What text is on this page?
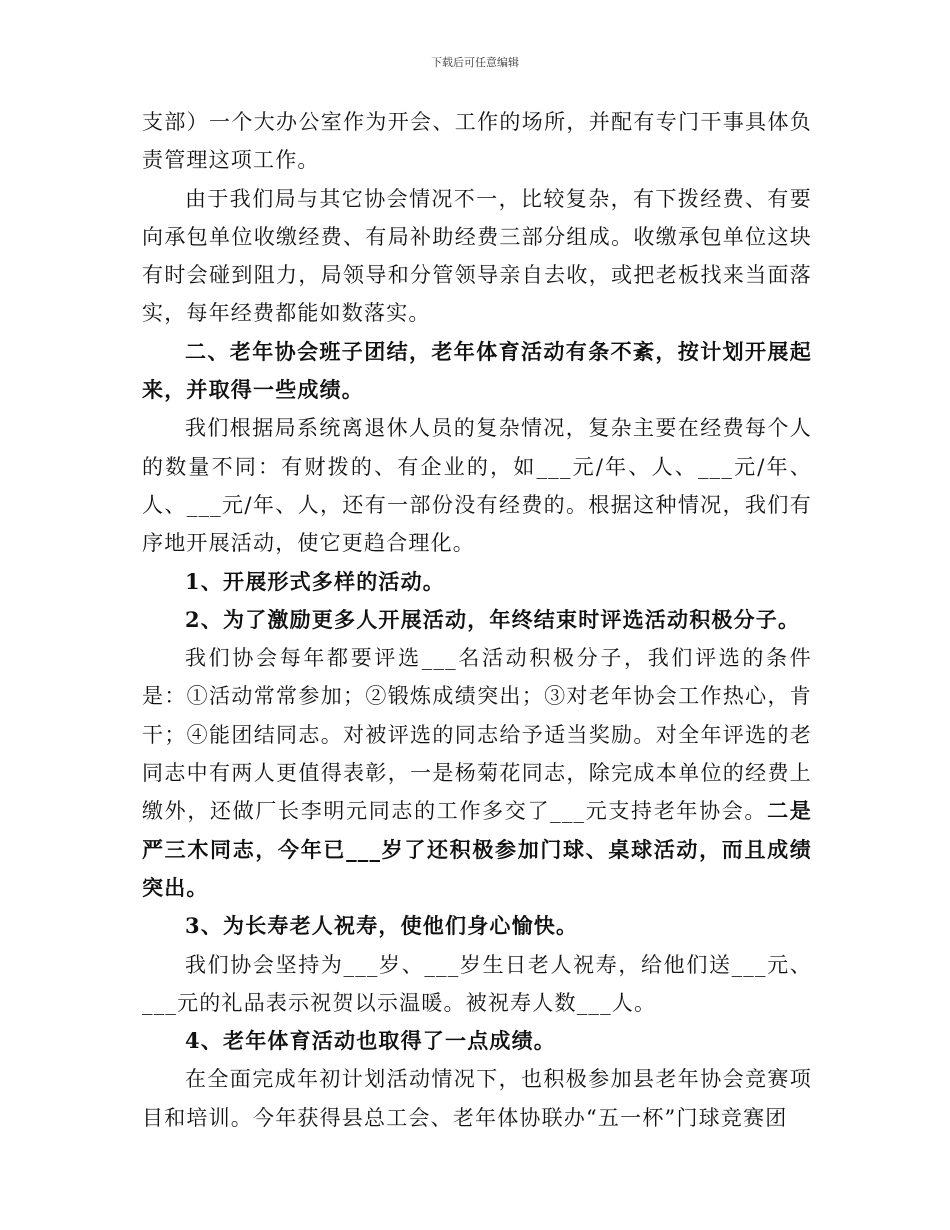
下载后可任意编辑

支部）一个大办公室作为开会、工作的场所，并配有专门干事具体负责管理这项工作。

由于我们局与其它协会情况不一，比较复杂，有下拨经费、有要向承包单位收缴经费、有局补助经费三部分组成。收缴承包单位这块有时会碰到阻力，局领导和分管领导亲自去收，或把老板找来当面落实，每年经费都能如数落实。

二、老年协会班子团结，老年体育活动有条不紊，按计划开展起来，并取得一些成绩。

我们根据局系统离退休人员的复杂情况，复杂主要在经费每个人的数量不同：有财拨的、有企业的，如___元/年、人、___元/年、人、___元/年、人，还有一部份没有经费的。根据这种情况，我们有序地开展活动，使它更趋合理化。

1、开展形式多样的活动。

2、为了激励更多人开展活动，年终结束时评选活动积极分子。

我们协会每年都要评选___名活动积极分子，我们评选的条件是：①活动常常参加；②锻炼成绩突出；③对老年协会工作热心，肯干；④能团结同志。对被评选的同志给予适当奖励。对全年评选的老同志中有两人更值得表彰，一是杨菊花同志，除完成本单位的经费上缴外，还做厂长李明元同志的工作多交了___元支持老年协会。二是严三木同志，今年已___岁了还积极参加门球、桌球活动，而且成绩突出。

3、为长寿老人祝寿，使他们身心愉快。

我们协会坚持为___岁、___岁生日老人祝寿，给他们送___元、___元的礼品表示祝贺以示温暖。被祝寿人数___人。

4、老年体育活动也取得了一点成绩。

在全面完成年初计划活动情况下，也积极参加县老年协会竞赛项目和培训。今年获得县总工会、老年体协联办“五一杯”门球竞赛团
